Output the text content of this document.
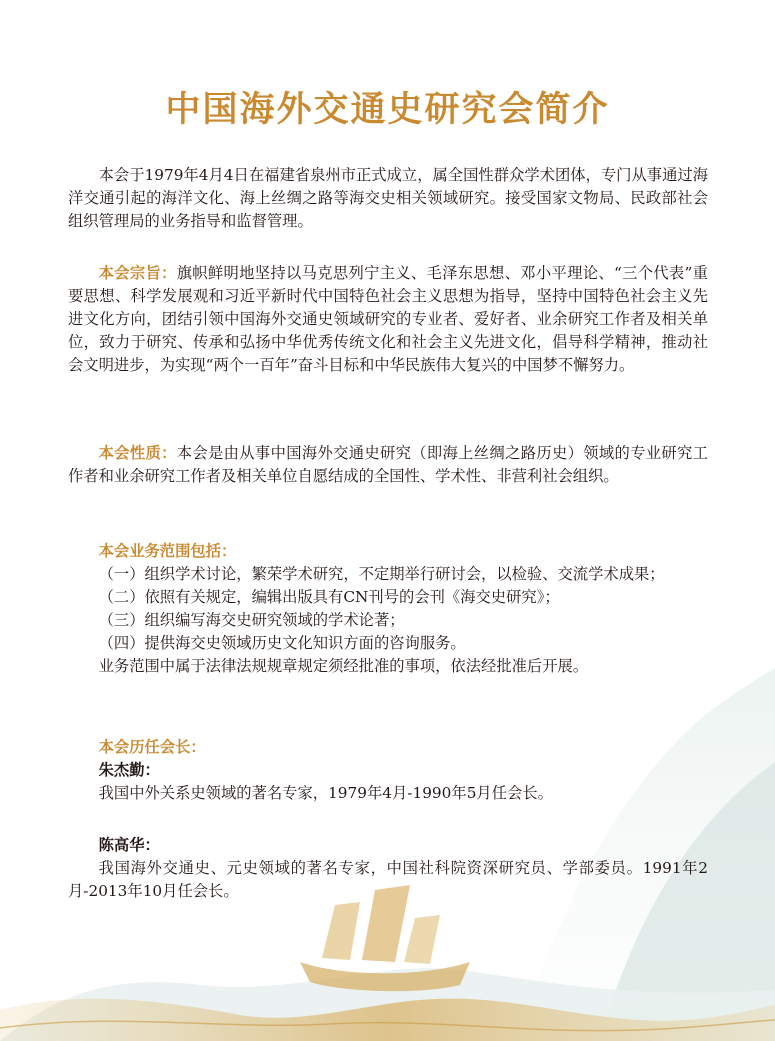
中国海外交通史研究会简介

本会于1979年4月4日在福建省泉州市正式成立，属全国性群众学术团体，专门从事通过海洋交通引起的海洋文化、海上丝绸之路等海交史相关领域研究。接受国家文物局、民政部社会组织管理局的业务指导和监督管理。

本会宗旨：旗帜鲜明地坚持以马克思列宁主义、毛泽东思想、邓小平理论、“三个代表”重要思想、科学发展观和习近平新时代中国特色社会主义思想为指导，坚持中国特色社会主义先进文化方向，团结引领中国海外交通史领域研究的专业者、爱好者、业余研究工作者及相关单位，致力于研究、传承和弘扬中华优秀传统文化和社会主义先进文化，倡导科学精神，推动社会文明进步，为实现“两个一百年”奋斗目标和中华民族伟大复兴的中国梦不懈努力。

本会性质：本会是由从事中国海外交通史研究（即海上丝绸之路历史）领域的专业研究工作者和业余研究工作者及相关单位自愿结成的全国性、学术性、非营利社会组织。

本会业务范围包括：

（一）组织学术讨论，繁荣学术研究，不定期举行研讨会，以检验、交流学术成果；

（二）依照有关规定，编辑出版具有CN刊号的会刊《海交史研究》；

（三）组织编写海交史研究领域的学术论著；

（四）提供海交史领域历史文化知识方面的咨询服务。

业务范围中属于法律法规规章规定须经批准的事项，依法经批准后开展。

本会历任会长：
朱杰勤：

我国中外关系史领域的著名专家，1979年4月-1990年5月任会长。

陈高华：

我国海外交通史、元史领域的著名专家，中国社科院资深研究员、学部委员。1991年2月-2013年10月任会长。
